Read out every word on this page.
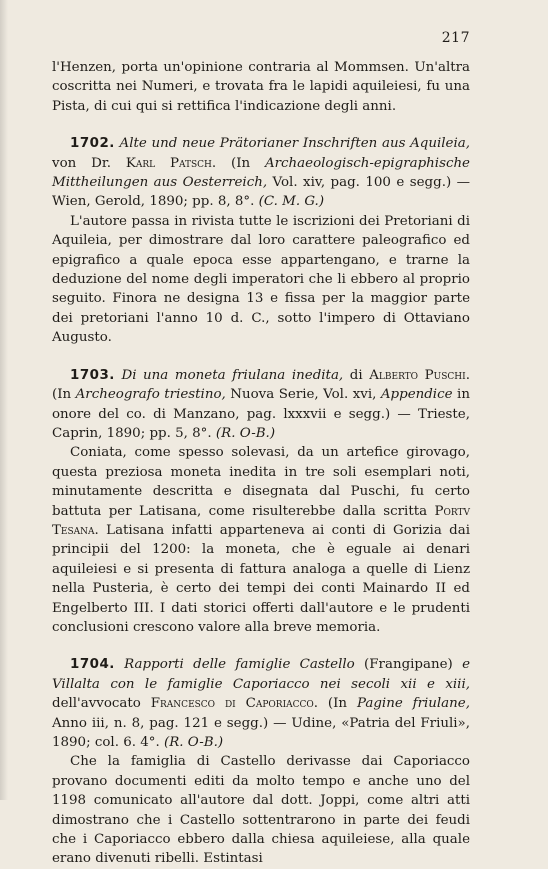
217

l'Henzen, porta un'opinione contraria al Mommsen. Un'altra coscritta nei Numeri, e trovata fra le lapidi aquileiesi, fu una Pista, di cui qui si rettifica l'indicazione degli anni.

1702. Alte und neue Prätorianer Inschriften aus Aquileia, von Dr. Karl Patsch. (In Archaeologisch-epigraphische Mittheilungen aus Oesterreich, Vol. xiv, pag. 100 e segg.) — Wien, Gerold, 1890; pp. 8, 8°. (C. M. G.)

L'autore passa in rivista tutte le iscrizioni dei Pretoriani di Aquileia, per dimostrare dal loro carattere paleografico ed epigrafico a quale epoca esse appartengano, e trarne la deduzione del nome degli imperatori che li ebbero al proprio seguito. Finora ne designa 13 e fissa per la maggior parte dei pretoriani l'anno 10 d. C., sotto l'impero di Ottaviano Augusto.

1703. Di una moneta friulana inedita, di Alberto Puschi. (In Archeografo triestino, Nuova Serie, Vol. xvi, Appendice in onore del co. di Manzano, pag. lxxxvii e segg.) — Trieste, Caprin, 1890; pp. 5, 8°. (R. O-B.)

Coniata, come spesso solevasi, da un artefice girovago, questa preziosa moneta inedita in tre soli esemplari noti, minutamente descritta e disegnata dal Puschi, fu certo battuta per Latisana, come risulterebbe dalla scritta Portv Tesana. Latisana infatti apparteneva ai conti di Gorizia dai principii del 1200: la moneta, che è eguale ai denari aquileiesi e si presenta di fattura analoga a quelle di Lienz nella Pusteria, è certo dei tempi dei conti Mainardo II ed Engelberto III. I dati storici offerti dall'autore e le prudenti conclusioni crescono valore alla breve memoria.

1704. Rapporti delle famiglie Castello (Frangipane) e Villalta con le famiglie Caporiacco nei secoli xii e xiii, dell'avvocato Francesco di Caporiacco. (In Pagine friulane, Anno iii, n. 8, pag. 121 e segg.) — Udine, «Patria del Friuli», 1890; col. 6. 4°. (R. O-B.)

Che la famiglia di Castello derivasse dai Caporiacco provano documenti editi da molto tempo e anche uno del 1198 comunicato all'autore dal dott. Joppi, come altri atti dimostrano che i Castello sottentrarono in parte dei feudi che i Caporiacco ebbero dalla chiesa aquileiese, alla quale erano divenuti ribelli. Estintasi
